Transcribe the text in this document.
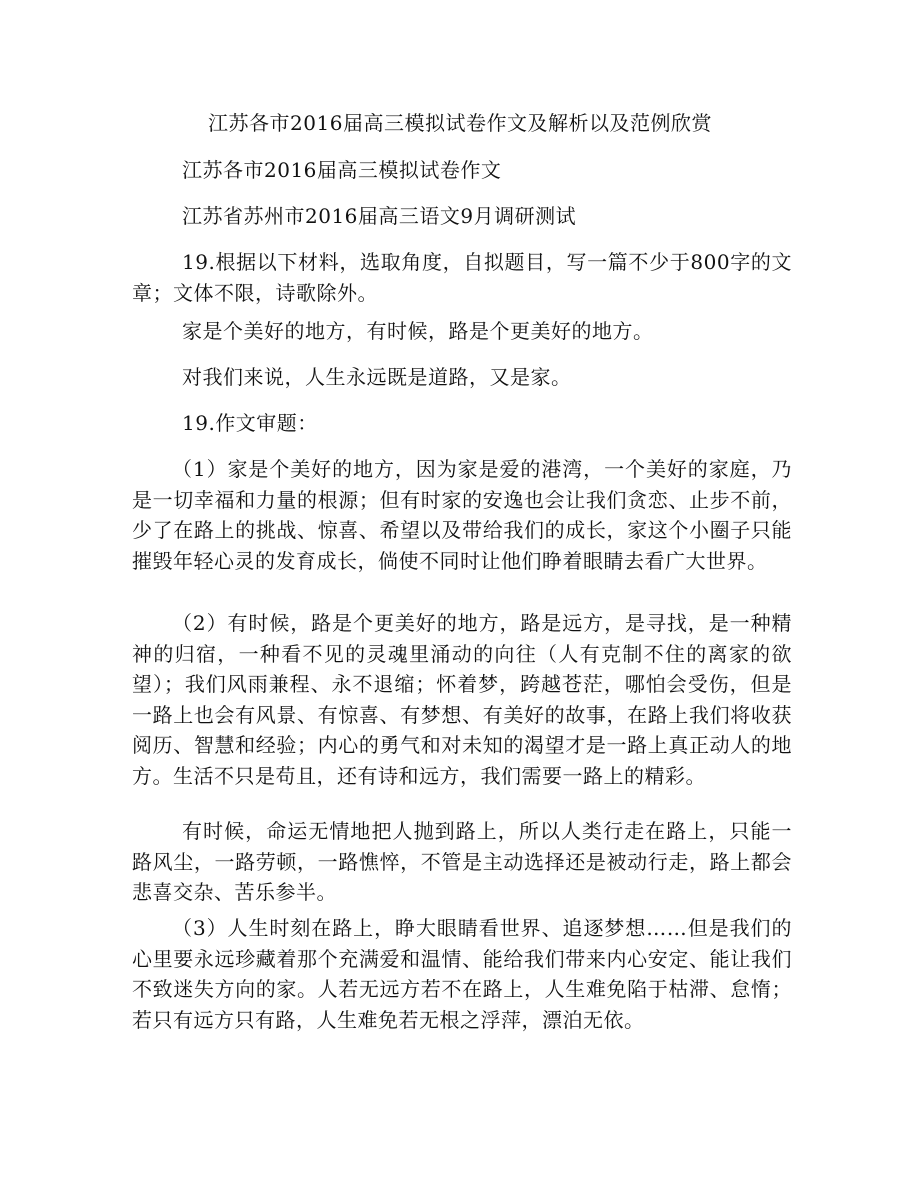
江苏各市2016届高三模拟试卷作文及解析以及范例欣赏
江苏各市2016届高三模拟试卷作文
江苏省苏州市2016届高三语文9月调研测试
19.根据以下材料，选取角度，自拟题目，写一篇不少于800字的文章；文体不限，诗歌除外。
家是个美好的地方，有时候，路是个更美好的地方。
对我们来说，人生永远既是道路，又是家。
19.作文审题：
（1）家是个美好的地方，因为家是爱的港湾，一个美好的家庭，乃是一切幸福和力量的根源；但有时家的安逸也会让我们贪恋、止步不前，少了在路上的挑战、惊喜、希望以及带给我们的成长，家这个小圈子只能摧毁年轻心灵的发育成长，倘使不同时让他们睁着眼睛去看广大世界。
（2）有时候，路是个更美好的地方，路是远方，是寻找，是一种精神的归宿，一种看不见的灵魂里涌动的向往（人有克制不住的离家的欲望）；我们风雨兼程、永不退缩；怀着梦，跨越苍茫，哪怕会受伤，但是一路上也会有风景、有惊喜、有梦想、有美好的故事，在路上我们将收获阅历、智慧和经验；内心的勇气和对未知的渴望才是一路上真正动人的地方。生活不只是苟且，还有诗和远方，我们需要一路上的精彩。
有时候，命运无情地把人抛到路上，所以人类行走在路上，只能一路风尘，一路劳顿，一路憔悴，不管是主动选择还是被动行走，路上都会悲喜交杂、苦乐参半。
（3）人生时刻在路上，睁大眼睛看世界、追逐梦想……但是我们的心里要永远珍藏着那个充满爱和温情、能给我们带来内心安定、能让我们不致迷失方向的家。人若无远方若不在路上，人生难免陷于枯滞、怠惰；若只有远方只有路，人生难免若无根之浮萍，漂泊无依。
